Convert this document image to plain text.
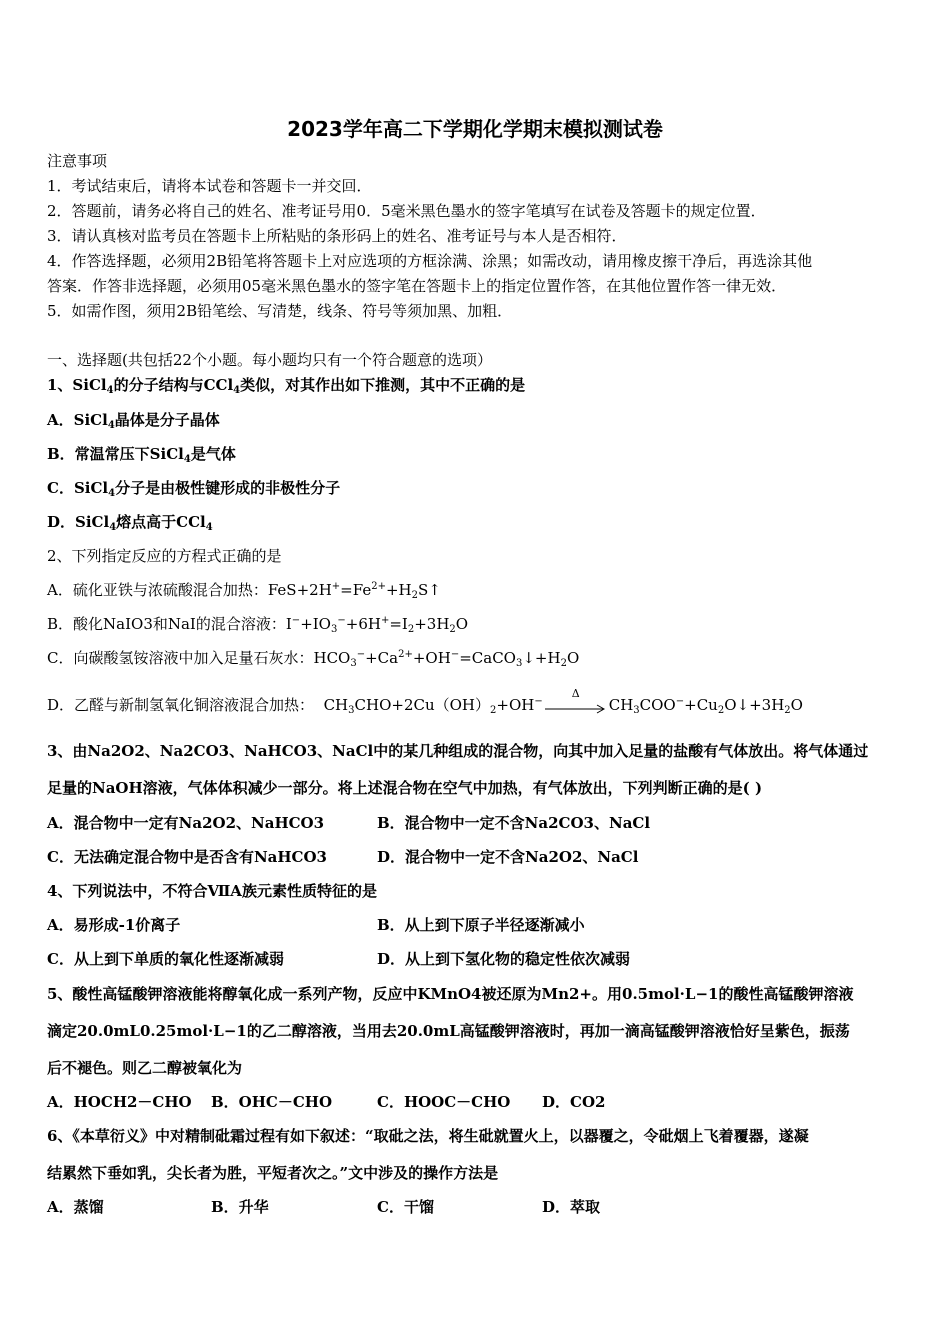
2023学年高二下学期化学期末模拟测试卷
注意事项
1．考试结束后，请将本试卷和答题卡一并交回．
2．答题前，请务必将自己的姓名、准考证号用0．5毫米黑色墨水的签字笔填写在试卷及答题卡的规定位置．
3．请认真核对监考员在答题卡上所粘贴的条形码上的姓名、准考证号与本人是否相符．
4．作答选择题，必须用2B铅笔将答题卡上对应选项的方框涂满、涂黑；如需改动，请用橡皮擦干净后，再选涂其他
答案．作答非选择题，必须用05毫米黑色墨水的签字笔在答题卡上的指定位置作答，在其他位置作答一律无效．
5．如需作图，须用2B铅笔绘、写清楚，线条、符号等须加黑、加粗．
一、选择题(共包括22个小题。每小题均只有一个符合题意的选项）
1、SiCl$_4$的分子结构与CCl$_4$类似，对其作出如下推测，其中不正确的是
A．SiCl$_4$晶体是分子晶体
B．常温常压下SiCl$_4$是气体
C．SiCl$_4$分子是由极性键形成的非极性分子
D．SiCl$_4$熔点高于CCl$_4$
2、下列指定反应的方程式正确的是
A．硫化亚铁与浓硫酸混合加热：$FeS+2H^+=Fe^{2+}+H_2S↑$
B．酸化NaIO3和NaI的混合溶液：$I^-+IO_3^-+6H^+=I_2+3H_2O$
C．向碳酸氢铵溶液中加入足量石灰水：$HCO_3^-+Ca^{2+}+OH^-=CaCO_3↓+H_2O$
D．乙醛与新制氢氧化铜溶液混合加热：  $CH_3CHO+2Cu(OH)_2+OH^-$
Δ
$CH_3COO^-+Cu_2O↓+3H_2O$
3、由Na2O2、Na2CO3、NaHCO3、NaCl中的某几种组成的混合物，向其中加入足量的盐酸有气体放出。将气体通过
足量的NaOH溶液，气体体积减少一部分。将上述混合物在空气中加热，有气体放出，下列判断正确的是( )
A．混合物中一定有Na2O2、NaHCO3	B．混合物中一定不含Na2CO3、NaCl
C．无法确定混合物中是否含有NaHCO3	D．混合物中一定不含Na2O2、NaCl
4、下列说法中，不符合ⅦA族元素性质特征的是
A．易形成-1价离子	B．从上到下原子半径逐渐减小
C．从上到下单质的氧化性逐渐减弱	D．从上到下氢化物的稳定性依次减弱
5、酸性高锰酸钾溶液能将醇氧化成一系列产物，反应中KMnO4被还原为Mn2+。用0.5mol·L−1的酸性高锰酸钾溶液
滴定20.0mL0.25mol·L−1的乙二醇溶液，当用去20.0mL高锰酸钾溶液时，再加一滴高锰酸钾溶液恰好呈紫色，振荡
后不褪色。则乙二醇被氧化为
A．HOCH2－CHO B．OHC－CHO	C．HOOC－CHO D．CO2
6、《本草衍义》中对精制砒霜过程有如下叙述：“取砒之法，将生砒就置火上，以器覆之，令砒烟上飞着覆器，遂凝
结累然下垂如乳，尖长者为胜，平短者次之。”文中涉及的操作方法是
A．蒸馏	B．升华	C．干馏	D．萃取
